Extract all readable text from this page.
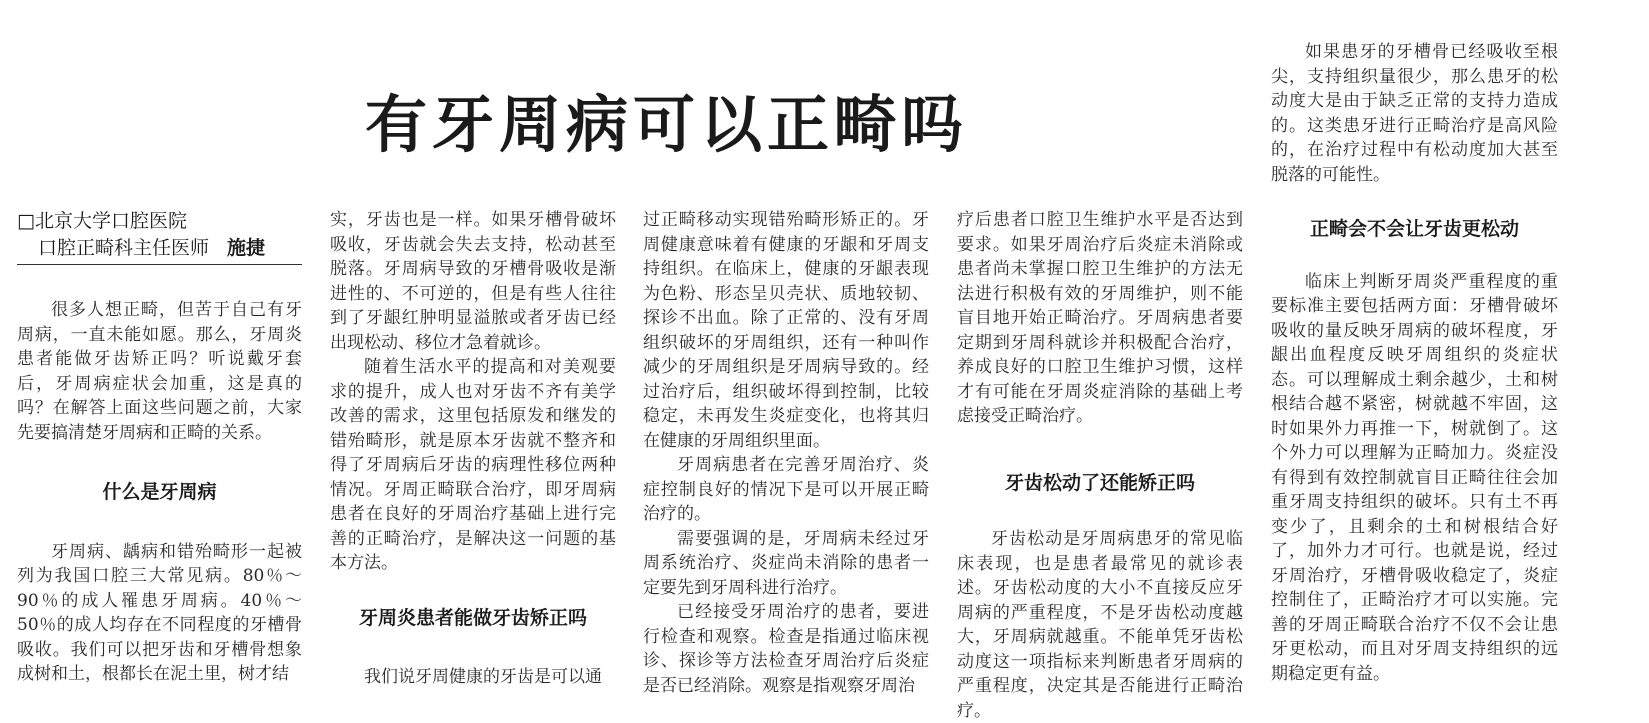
有牙周病可以正畸吗
□北京大学口腔医院
口腔正畸科主任医师 施捷

很多人想正畸，但苦于自己有牙周病，一直未能如愿。那么，牙周炎患者能做牙齿矫正吗？听说戴牙套后，牙周病症状会加重，这是真的吗？在解答上面这些问题之前，大家先要搞清楚牙周病和正畸的关系。

什么是牙周病

牙周病、龋病和错殆畸形一起被列为我国口腔三大常见病。80％～90％的成人罹患牙周病。40％～50％的成人均存在不同程度的牙槽骨吸收。我们可以把牙齿和牙槽骨想象成树和土，根都长在泥土里，树才结

实，牙齿也是一样。如果牙槽骨破坏吸收，牙齿就会失去支持，松动甚至脱落。牙周病导致的牙槽骨吸收是渐进性的、不可逆的，但是有些人往往到了牙龈红肿明显溢脓或者牙齿已经出现松动、移位才急着就诊。

随着生活水平的提高和对美观要求的提升，成人也对牙齿不齐有美学改善的需求，这里包括原发和继发的错殆畸形，就是原本牙齿就不整齐和得了牙周病后牙齿的病理性移位两种情况。牙周正畸联合治疗，即牙周病患者在良好的牙周治疗基础上进行完善的正畸治疗，是解决这一问题的基本方法。

牙周炎患者能做牙齿矫正吗

我们说牙周健康的牙齿是可以通

过正畸移动实现错殆畸形矫正的。牙周健康意味着有健康的牙龈和牙周支持组织。在临床上，健康的牙龈表现为色粉、形态呈贝壳状、质地较韧、探诊不出血。除了正常的、没有牙周组织破坏的牙周组织，还有一种叫作减少的牙周组织是牙周病导致的。经过治疗后，组织破坏得到控制，比较稳定，未再发生炎症变化，也将其归在健康的牙周组织里面。

牙周病患者在完善牙周治疗、炎症控制良好的情况下是可以开展正畸治疗的。

需要强调的是，牙周病未经过牙周系统治疗、炎症尚未消除的患者一定要先到牙周科进行治疗。

已经接受牙周治疗的患者，要进行检查和观察。检查是指通过临床视诊、探诊等方法检查牙周治疗后炎症是否已经消除。观察是指观察牙周治

疗后患者口腔卫生维护水平是否达到要求。如果牙周治疗后炎症未消除或患者尚未掌握口腔卫生维护的方法无法进行积极有效的牙周维护，则不能盲目地开始正畸治疗。牙周病患者要定期到牙周科就诊并积极配合治疗，养成良好的口腔卫生维护习惯，这样才有可能在牙周炎症消除的基础上考虑接受正畸治疗。

牙齿松动了还能矫正吗

牙齿松动是牙周病患牙的常见临床表现，也是患者最常见的就诊表述。牙齿松动度的大小不直接反应牙周病的严重程度，不是牙齿松动度越大，牙周病就越重。不能单凭牙齿松动度这一项指标来判断患者牙周病的严重程度，决定其是否能进行正畸治疗。

如果患牙的牙槽骨已经吸收至根尖，支持组织量很少，那么患牙的松动度大是由于缺乏正常的支持力造成的。这类患牙进行正畸治疗是高风险的，在治疗过程中有松动度加大甚至脱落的可能性。

正畸会不会让牙齿更松动

临床上判断牙周炎严重程度的重要标准主要包括两方面：牙槽骨破坏吸收的量反映牙周病的破坏程度，牙龈出血程度反映牙周组织的炎症状态。可以理解成土剩余越少，土和树根结合越不紧密，树就越不牢固，这时如果外力再推一下，树就倒了。这个外力可以理解为正畸加力。炎症没有得到有效控制就盲目正畸往往会加重牙周支持组织的破坏。只有土不再变少了，且剩余的土和树根结合好了，加外力才可行。也就是说，经过牙周治疗，牙槽骨吸收稳定了，炎症控制住了，正畸治疗才可以实施。完善的牙周正畸联合治疗不仅不会让患牙更松动，而且对牙周支持组织的远期稳定更有益。
